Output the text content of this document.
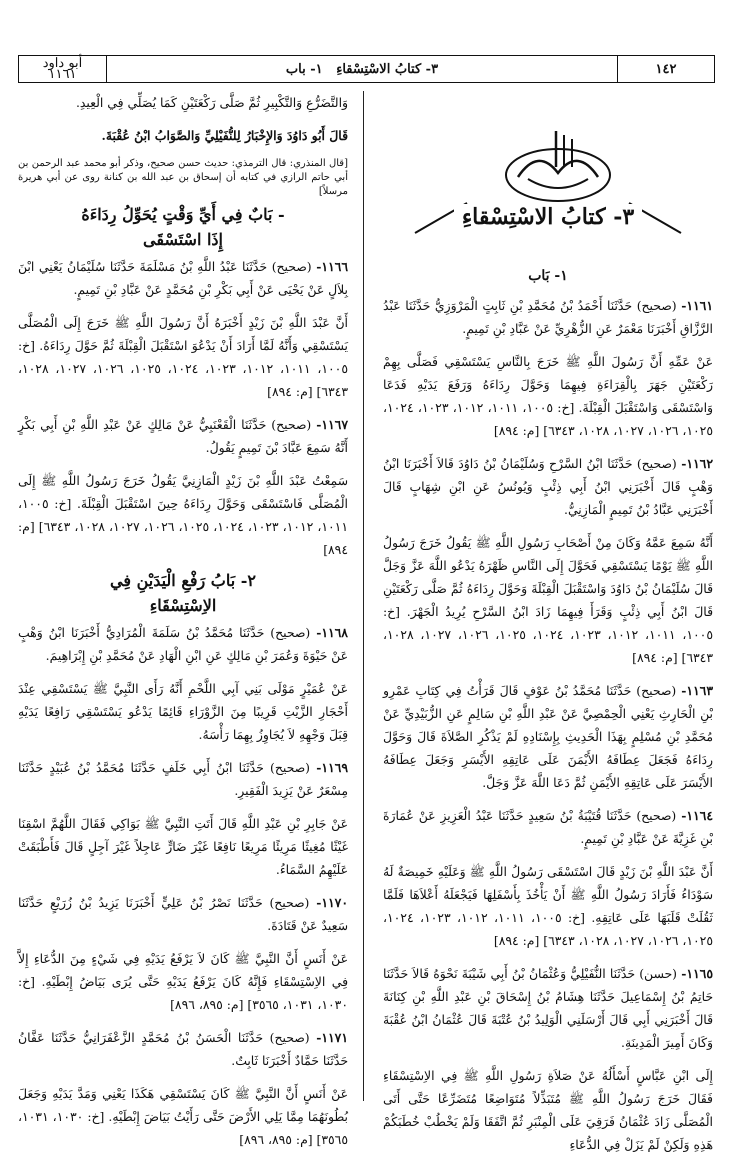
أبو داود
١١٦١	٣- كتابُ الاسْتِسْقاءِ

١- باب	١٤٢
٣- كتابُ الاسْتِسْقاءِ
١- بَاب

١١٦١- (صحيح) حَدَّثَنَا أَحْمَدُ بْنُ مُحَمَّدِ بْنِ ثَابِتٍ الْمَرْوَزِيُّ حَدَّثَنَا عَبْدُ الرَّزَّاقِ أَخْبَرَنَا مَعْمَرٌ عَنِ الزُّهْرِيِّ عَنْ عَبَّادِ بْنِ تَمِيمٍ.

عَنْ عَمِّهِ أَنَّ رَسُولَ اللَّهِ ﷺ خَرَجَ بِالنَّاسِ يَسْتَسْقِي فَصَلَّى بِهِمْ رَكْعَتَيْنِ جَهَرَ بِالْقِرَاءَةِ فِيهِمَا وَحَوَّلَ رِدَاءَهُ وَرَفَعَ يَدَيْهِ فَدَعَا وَاسْتَسْقَى وَاسْتَقْبَلَ الْقِبْلَةَ. [خ: ١٠٠٥، ١٠١١، ١٠١٢، ١٠٢٣، ١٠٢٤، ١٠٢٥، ١٠٢٦، ١٠٢٧، ١٠٢٨، ٦٣٤٣] [م: ٨٩٤]

١١٦٢- (صحيح) حَدَّثَنَا ابْنُ السَّرْحِ وَسُلَيْمَانُ بْنُ دَاوُدَ قَالاَ أَخْبَرَنَا ابْنُ وَهْبٍ قَالَ أَخْبَرَنِي ابْنُ أَبِي ذِئْبٍ وَيُونُسُ عَنِ ابْنِ شِهَابٍ قَالَ أَخْبَرَنِي عَبَّادُ بْنُ تَمِيمٍ الْمَازِنِيُّ.

أَنَّهُ سَمِعَ عَمَّهُ وَكَانَ مِنْ أَصْحَابِ رَسُولِ اللَّهِ ﷺ يَقُولُ خَرَجَ رَسُولُ اللَّهِ ﷺ يَوْمًا يَسْتَسْقِي فَحَوَّلَ إِلَى النَّاسِ ظَهْرَهُ يَدْعُو اللَّهَ عَزَّ وَجَلَّ قَالَ سُلَيْمَانُ بْنُ دَاوُدَ وَاسْتَقْبَلَ الْقِبْلَةَ وَحَوَّلَ رِدَاءَهُ ثُمَّ صَلَّى رَكْعَتَيْنِ قَالَ ابْنُ أَبِي ذِئْبٍ وَقَرَأَ فِيهِمَا زَادَ ابْنُ السَّرْحِ يُرِيدُ الْجَهْرَ. [خ: ١٠٠٥، ١٠١١، ١٠١٢، ١٠٢٣، ١٠٢٤، ١٠٢٥، ١٠٢٦، ١٠٢٧، ١٠٢٨، ٦٣٤٣] [م: ٨٩٤]

١١٦٣- (صحيح) حَدَّثَنَا مُحَمَّدُ بْنُ عَوْفٍ قَالَ قَرَأْتُ فِي كِتَابِ عَمْرِو بْنِ الْحَارِثِ يَعْنِي الْحِمْصِيَّ عَنْ عَبْدِ اللَّهِ بْنِ سَالِمٍ عَنِ الزُّبَيْدِيِّ عَنْ مُحَمَّدِ بْنِ مُسْلِمٍ بِهَذَا الْحَدِيثِ بِإِسْنَادِهِ لَمْ يَذْكُرِ الصَّلاَةَ قَالَ وَحَوَّلَ رِدَاءَهُ فَجَعَلَ عِطَافَهُ الأَيْمَنَ عَلَى عَاتِقِهِ الأَيْسَرِ وَجَعَلَ عِطَافَهُ الأَيْسَرَ عَلَى عَاتِقِهِ الأَيْمَنِ ثُمَّ دَعَا اللَّهَ عَزَّ وَجَلَّ.

١١٦٤- (صحيح) حَدَّثَنَا قُتَيْبَةُ بْنُ سَعِيدٍ حَدَّثَنَا عَبْدُ الْعَزِيزِ عَنْ عُمَارَةَ بْنِ غَزِيَّةَ عَنْ عَبَّادِ بْنِ تَمِيمٍ.

أَنَّ عَبْدَ اللَّهِ بْنَ زَيْدٍ قَالَ اسْتَسْقَى رَسُولُ اللَّهِ ﷺ وَعَلَيْهِ خَمِيصَةٌ لَهُ سَوْدَاءُ فَأَرَادَ رَسُولُ اللَّهِ ﷺ أَنْ يَأْخُذَ بِأَسْفَلِهَا فَيَجْعَلَهُ أَعْلاَهَا فَلَمَّا ثَقُلَتْ قَلَبَهَا عَلَى عَاتِقِهِ. [خ: ١٠٠٥، ١٠١١، ١٠١٢، ١٠٢٣، ١٠٢٤، ١٠٢٥، ١٠٢٦، ١٠٢٧، ١٠٢٨، ٦٣٤٣] [م: ٨٩٤]

١١٦٥- (حسن) حَدَّثَنَا النُّفَيْلِيُّ وَعُثْمَانُ بْنُ أَبِي شَيْبَةَ نَحْوَهُ قَالاَ حَدَّثَنَا حَاتِمُ بْنُ إِسْمَاعِيلَ حَدَّثَنَا هِشَامُ بْنُ إِسْحَاقَ بْنِ عَبْدِ اللَّهِ بْنِ كِنَانَةَ قَالَ أَخْبَرَنِي أَبِي قَالَ أَرْسَلَنِي الْوَلِيدُ بْنُ عُتْبَةَ قَالَ عُثْمَانُ ابْنُ عُقْبَةَ وَكَانَ أَمِيرَ الْمَدِينَةِ.

إِلَى ابْنِ عَبَّاسٍ أَسْأَلُهُ عَنْ صَلاَةِ رَسُولِ اللَّهِ ﷺ فِي الاِسْتِسْقَاءِ فَقَالَ خَرَجَ رَسُولُ اللَّهِ ﷺ مُتَبَذِّلاً مُتَوَاضِعًا مُتَضَرِّعًا حَتَّى أَتَى الْمُصَلَّى زَادَ عُثْمَانُ فَرَقِيَ عَلَى الْمِنْبَرِ ثُمَّ اتَّفَقَا وَلَمْ يَخْطُبْ خُطَبَكُمْ هَذِهِ وَلَكِنْ لَمْ يَزَلْ فِي الدُّعَاءِ

وَالتَّضَرُّعِ وَالتَّكْبِيرِ ثُمَّ صَلَّى رَكْعَتَيْنِ كَمَا يُصَلِّي فِي الْعِيدِ.

قَالَ أَبُو دَاوُدَ وَالإِخْبَارُ لِلنُّفَيْلِيِّ وَالصَّوَابُ ابْنُ عُقْبَةَ.

[قال المنذري: قال الترمذي: حديث حسن صحيح، وذكر أبو محمد عبد الرحمن بن أبي حاتم الرازي في كتابه أن إسحاق بن عبد الله بن كنانة روى عن أبي هريرة مرسلاً]

- بَابٌ فِي أَيِّ وَقْتٍ يُحَوِّلُ رِدَاءَهُ
إِذَا اسْتَسْقَى

١١٦٦- (صحيح) حَدَّثَنَا عَبْدُ اللَّهِ بْنُ مَسْلَمَةَ حَدَّثَنَا سُلَيْمَانُ يَعْنِي ابْنَ بِلاَلٍ عَنْ يَحْيَى عَنْ أَبِي بَكْرِ بْنِ مُحَمَّدٍ عَنْ عَبَّادِ بْنِ تَمِيمٍ.

أَنَّ عَبْدَ اللَّهِ بْنَ زَيْدٍ أَخْبَرَهُ أَنَّ رَسُولَ اللَّهِ ﷺ خَرَجَ إِلَى الْمُصَلَّى يَسْتَسْقِي وَأَنَّهُ لَمَّا أَرَادَ أَنْ يَدْعُوَ اسْتَقْبَلَ الْقِبْلَةَ ثُمَّ حَوَّلَ رِدَاءَهُ. [خ: ١٠٠٥، ١٠١١، ١٠١٢، ١٠٢٣، ١٠٢٤، ١٠٢٥، ١٠٢٦، ١٠٢٧، ١٠٢٨، ٦٣٤٣] [م: ٨٩٤]

١١٦٧- (صحيح) حَدَّثَنَا الْقَعْنَبِيُّ عَنْ مَالِكٍ عَنْ عَبْدِ اللَّهِ بْنِ أَبِي بَكْرٍ أَنَّهُ سَمِعَ عَبَّادَ بْنَ تَمِيمٍ يَقُولُ.

سَمِعْتُ عَبْدَ اللَّهِ بْنَ زَيْدٍ الْمَازِنِيَّ يَقُولُ خَرَجَ رَسُولُ اللَّهِ ﷺ إِلَى الْمُصَلَّى فَاسْتَسْقَى وَحَوَّلَ رِدَاءَهُ حِينَ اسْتَقْبَلَ الْقِبْلَةَ. [خ: ١٠٠٥، ١٠١١، ١٠١٢، ١٠٢٣، ١٠٢٤، ١٠٢٥، ١٠٢٦، ١٠٢٧، ١٠٢٨، ٦٣٤٣] [م: ٨٩٤]

٢- بَابُ رَفْعِ الْيَدَيْنِ فِي
الاِسْتِسْقَاءِ

١١٦٨- (صحيح) حَدَّثَنَا مُحَمَّدُ بْنُ سَلَمَةَ الْمُرَادِيُّ أَخْبَرَنَا ابْنُ وَهْبٍ عَنْ حَيْوَةَ وَعُمَرَ بْنِ مَالِكٍ عَنِ ابْنِ الْهَادِ عَنْ مُحَمَّدِ بْنِ إِبْرَاهِيمَ.

عَنْ عُمَيْرٍ مَوْلَى بَنِي آبِي اللَّحْمِ أَنَّهُ رَأَى النَّبِيَّ ﷺ يَسْتَسْقِي عِنْدَ أَحْجَارِ الزَّيْتِ قَرِيبًا مِنَ الزَّوْرَاءِ قَائِمًا يَدْعُو يَسْتَسْقِي رَافِعًا يَدَيْهِ قِبَلَ وَجْهِهِ لاَ يُجَاوِزُ بِهِمَا رَأْسَهُ.

١١٦٩- (صحيح) حَدَّثَنَا ابْنُ أَبِي خَلَفٍ حَدَّثَنَا مُحَمَّدُ بْنُ عُبَيْدٍ حَدَّثَنَا مِسْعَرٌ عَنْ يَزِيدَ الْفَقِيرِ.

عَنْ جَابِرِ بْنِ عَبْدِ اللَّهِ قَالَ أَتَتِ النَّبِيَّ ﷺ بَوَاكِي فَقَالَ اللَّهُمَّ اسْقِنَا غَيْثًا مُغِيثًا مَرِيئًا مَرِيعًا نَافِعًا غَيْرَ ضَارٍّ عَاجِلاً غَيْرَ آجِلٍ قَالَ فَأَطْبَقَتْ عَلَيْهِمُ السَّمَاءُ.

١١٧٠- (صحيح) حَدَّثَنَا نَصْرُ بْنُ عَلِيٍّ أَخْبَرَنَا يَزِيدُ بْنُ زُرَيْعٍ حَدَّثَنَا سَعِيدٌ عَنْ قَتَادَةَ.

عَنْ أَنَسٍ أَنَّ النَّبِيَّ ﷺ كَانَ لاَ يَرْفَعُ يَدَيْهِ فِي شَيْءٍ مِنَ الدُّعَاءِ إِلاَّ فِي الاِسْتِسْقَاءِ فَإِنَّهُ كَانَ يَرْفَعُ يَدَيْهِ حَتَّى يُرَى بَيَاضُ إِبْطَيْهِ. [خ: ١٠٣٠، ١٠٣١، ٣٥٦٥] [م: ٨٩٥، ٨٩٦]

١١٧١- (صحيح) حَدَّثَنَا الْحَسَنُ بْنُ مُحَمَّدٍ الزَّعْفَرَانِيُّ حَدَّثَنَا عَفَّانُ حَدَّثَنَا حَمَّادٌ أَخْبَرَنَا ثَابِتٌ.

عَنْ أَنَسٍ أَنَّ النَّبِيَّ ﷺ كَانَ يَسْتَسْقِي هَكَذَا يَعْنِي وَمَدَّ يَدَيْهِ وَجَعَلَ بُطُونَهُمَا مِمَّا يَلِي الأَرْضَ حَتَّى رَأَيْتُ بَيَاضَ إِبْطَيْهِ. [خ: ١٠٣٠، ١٠٣١، ٣٥٦٥] [م: ٨٩٥، ٨٩٦]
